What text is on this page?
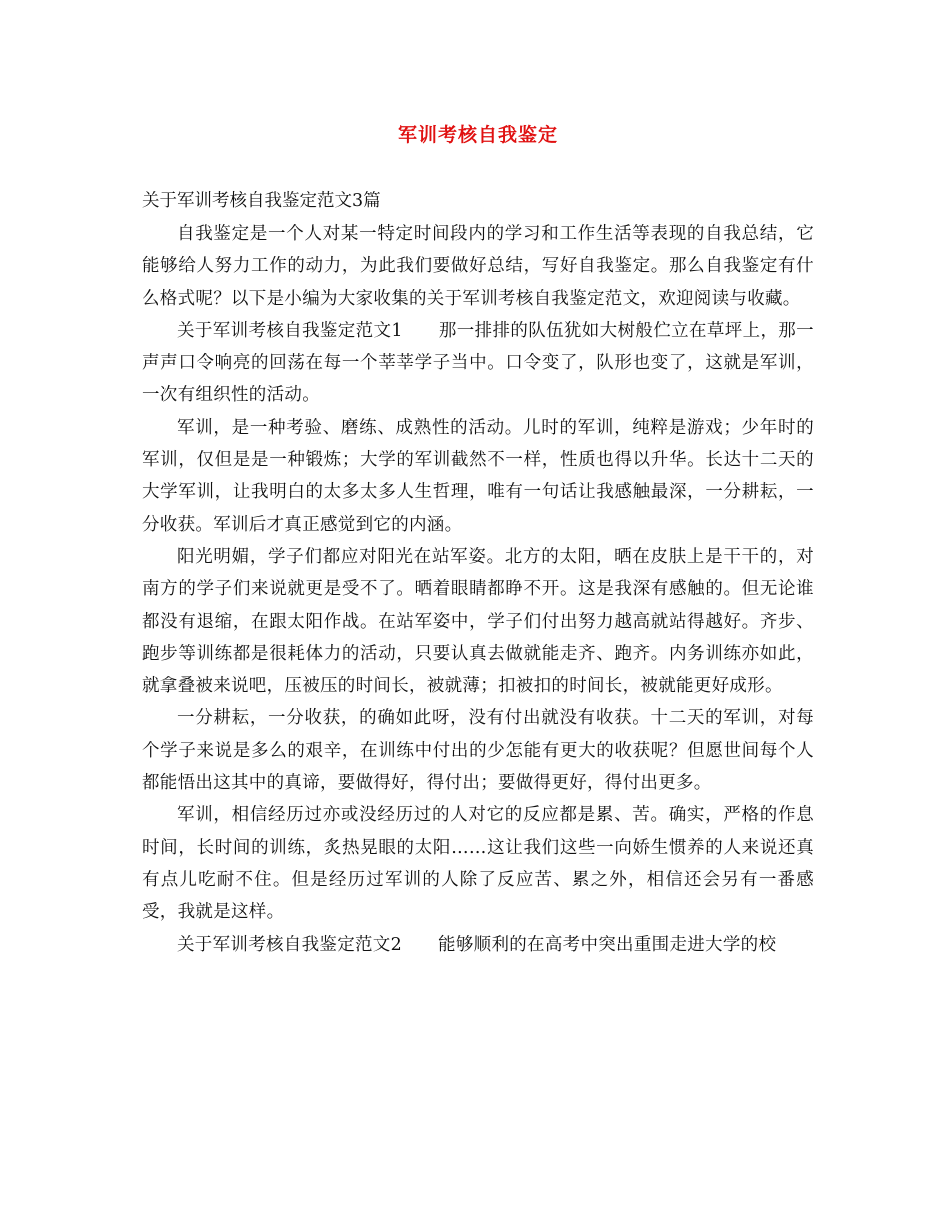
军训考核自我鉴定

关于军训考核自我鉴定范文3篇

自我鉴定是一个人对某一特定时间段内的学习和工作生活等表现的自我总结，它能够给人努力工作的动力，为此我们要做好总结，写好自我鉴定。那么自我鉴定有什么格式呢？以下是小编为大家收集的关于军训考核自我鉴定范文，欢迎阅读与收藏。

关于军训考核自我鉴定范文1 那一排排的队伍犹如大树般伫立在草坪上，那一声声口令响亮的回荡在每一个莘莘学子当中。口令变了，队形也变了，这就是军训，一次有组织性的活动。

军训，是一种考验、磨练、成熟性的活动。儿时的军训，纯粹是游戏；少年时的军训，仅但是是一种锻炼；大学的军训截然不一样，性质也得以升华。长达十二天的大学军训，让我明白的太多太多人生哲理，唯有一句话让我感触最深，一分耕耘，一分收获。军训后才真正感觉到它的内涵。

阳光明媚，学子们都应对阳光在站军姿。北方的太阳，晒在皮肤上是干干的，对南方的学子们来说就更是受不了。晒着眼睛都睁不开。这是我深有感触的。但无论谁都没有退缩，在跟太阳作战。在站军姿中，学子们付出努力越高就站得越好。齐步、跑步等训练都是很耗体力的活动，只要认真去做就能走齐、跑齐。内务训练亦如此，就拿叠被来说吧，压被压的时间长，被就薄；扣被扣的时间长，被就能更好成形。

一分耕耘，一分收获，的确如此呀，没有付出就没有收获。十二天的军训，对每个学子来说是多么的艰辛，在训练中付出的少怎能有更大的收获呢？但愿世间每个人都能悟出这其中的真谛，要做得好，得付出；要做得更好，得付出更多。

军训，相信经历过亦或没经历过的人对它的反应都是累、苦。确实，严格的作息时间，长时间的训练，炙热晃眼的太阳……这让我们这些一向娇生惯养的人来说还真有点儿吃耐不住。但是经历过军训的人除了反应苦、累之外，相信还会另有一番感受，我就是这样。

关于军训考核自我鉴定范文2 能够顺利的在高考中突出重围走进大学的校
